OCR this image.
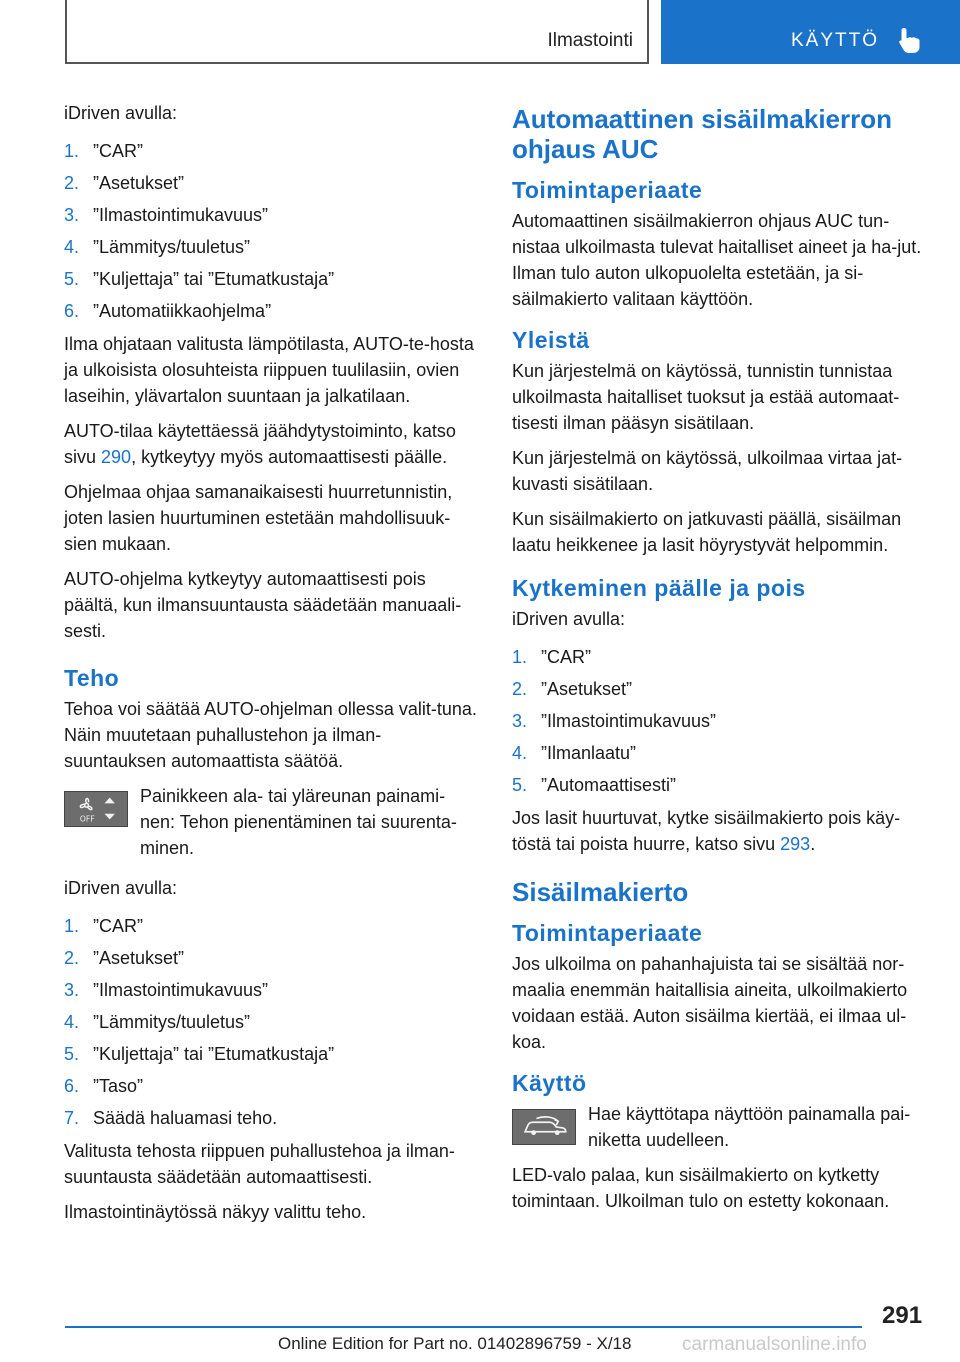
Ilmastointi	KÄYTTÖ

iDriven avulla:

1. ”CAR”
2. ”Asetukset”
3. ”Ilmastointimukavuus”
4. ”Lämmitys/tuuletus”
5. ”Kuljettaja” tai ”Etumatkustaja”
6. ”Automatiikkaohjelma”

Ilma ohjataan valitusta lämpötilasta, AUTO-te-hosta ja ulkoisista olosuhteista riippuen tuulilasiin, ovien laseihin, ylävartalon suuntaan ja jalkatilaan.

AUTO-tilaa käytettäessä jäähdytystoiminto, katso sivu 290, kytkeytyy myös automaattisesti päälle.

Ohjelmaa ohjaa samanaikaisesti huurretunnistin, joten lasien huurtuminen estetään mahdollisuuk-sien mukaan.

AUTO-ohjelma kytkeytyy automaattisesti pois päältä, kun ilmansuuntausta säädetään manuaali-sesti.

Teho

Tehoa voi säätää AUTO-ohjelman ollessa valit-tuna. Näin muutetaan puhallustehon ja ilman-suuntauksen automaattista säätöä.

OFF

Painikkeen ala- tai yläreunan painami-nen: Tehon pienentäminen tai suurenta-minen.

iDriven avulla:

1. ”CAR”
2. ”Asetukset”
3. ”Ilmastointimukavuus”
4. ”Lämmitys/tuuletus”
5. ”Kuljettaja” tai ”Etumatkustaja”
6. ”Taso”
7. Säädä haluamasi teho.

Valitusta tehosta riippuen puhallustehoa ja ilman-suuntausta säädetään automaattisesti.

Ilmastointinäytössä näkyy valittu teho.

Automaattinen sisäilmakierron ohjaus AUC
Toimintaperiaate

Automaattinen sisäilmakierron ohjaus AUC tun-nistaa ulkoilmasta tulevat haitalliset aineet ja ha-jut. Ilman tulo auton ulkopuolelta estetään, ja si-säilmakierto valitaan käyttöön.

Yleistä

Kun järjestelmä on käytössä, tunnistin tunnistaa ulkoilmasta haitalliset tuoksut ja estää automaat-tisesti ilman pääsyn sisätilaan.

Kun järjestelmä on käytössä, ulkoilmaa virtaa jat-kuvasti sisätilaan.

Kun sisäilmakierto on jatkuvasti päällä, sisäilman laatu heikkenee ja lasit höyrystyvät helpommin.

Kytkeminen päälle ja pois

iDriven avulla:

1. ”CAR”
2. ”Asetukset”
3. ”Ilmastointimukavuus”
4. ”Ilmanlaatu”
5. ”Automaattisesti”

Jos lasit huurtuvat, kytke sisäilmakierto pois käy-töstä tai poista huurre, katso sivu 293.

Sisäilmakierto
Toimintaperiaate

Jos ulkoilma on pahanhajuista tai se sisältää nor-maalia enemmän haitallisia aineita, ulkoilmakierto voidaan estää. Auton sisäilma kiertää, ei ilmaa ul-koa.

Käyttö

Hae käyttötapa näyttöön painamalla pai-niketta uudelleen.

LED-valo palaa, kun sisäilmakierto on kytketty toimintaan. Ulkoilman tulo on estetty kokonaan.

291
Online Edition for Part no. 01402896759 - X/18	carmanualsonline.info
